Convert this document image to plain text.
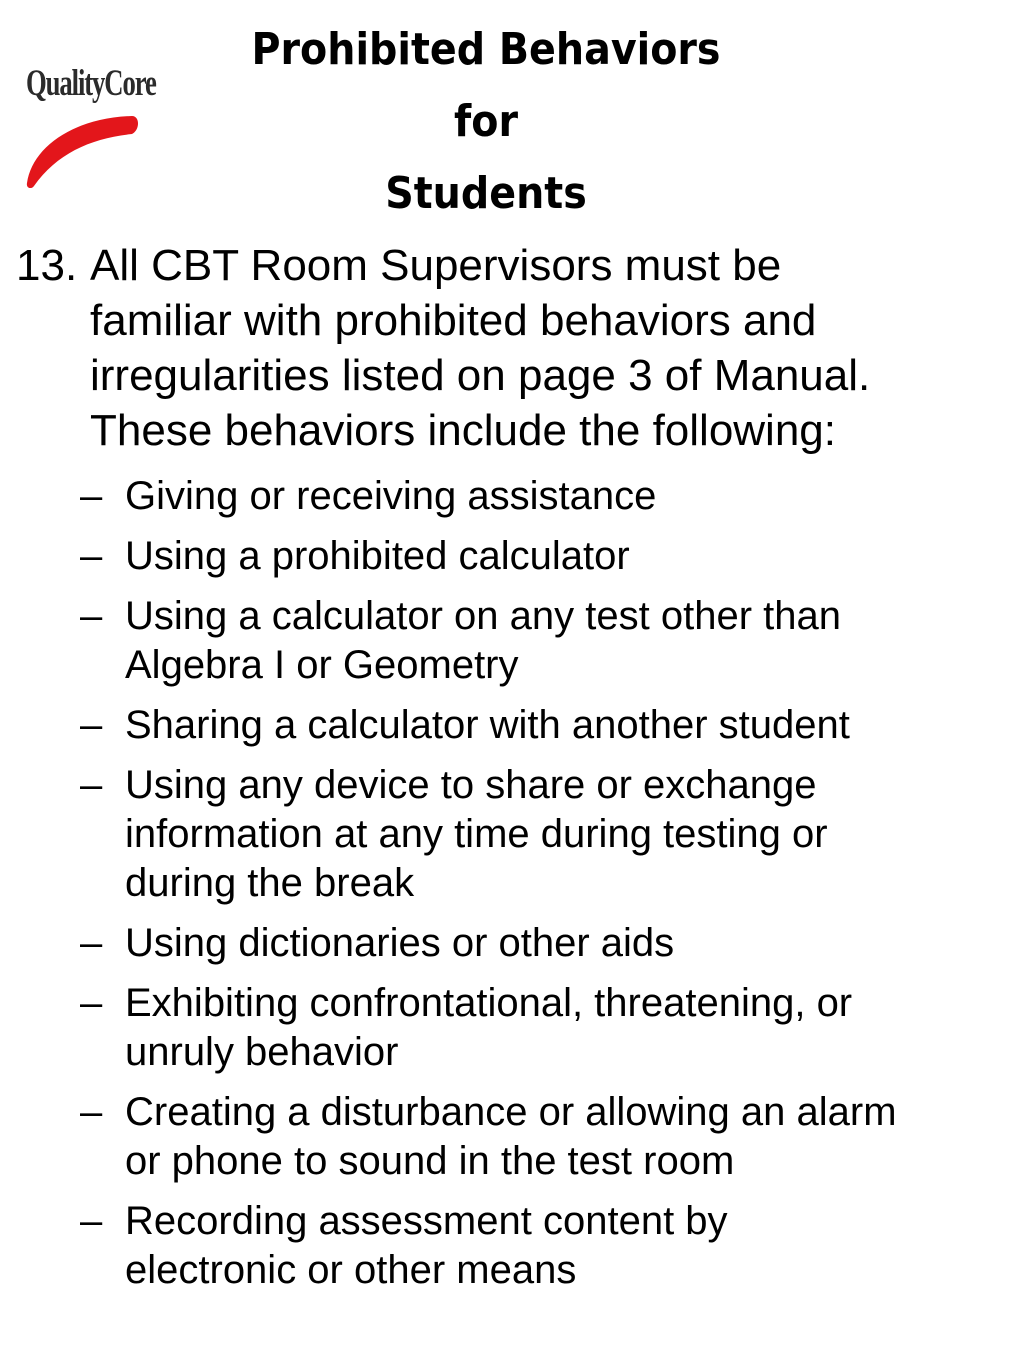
QualityCore
Prohibited Behaviors
for
Students
13. All CBT Room Supervisors must be
familiar with prohibited behaviors and
irregularities listed on page 3 of Manual.
These behaviors include the following:
– Giving or receiving assistance
– Using a prohibited calculator
– Using a calculator on any test other than
Algebra I or Geometry
– Sharing a calculator with another student
– Using any device to share or exchange
information at any time during testing or
during the break
– Using dictionaries or other aids
– Exhibiting confrontational, threatening, or
unruly behavior
– Creating a disturbance or allowing an alarm
or phone to sound in the test room
– Recording assessment content by
electronic or other means
